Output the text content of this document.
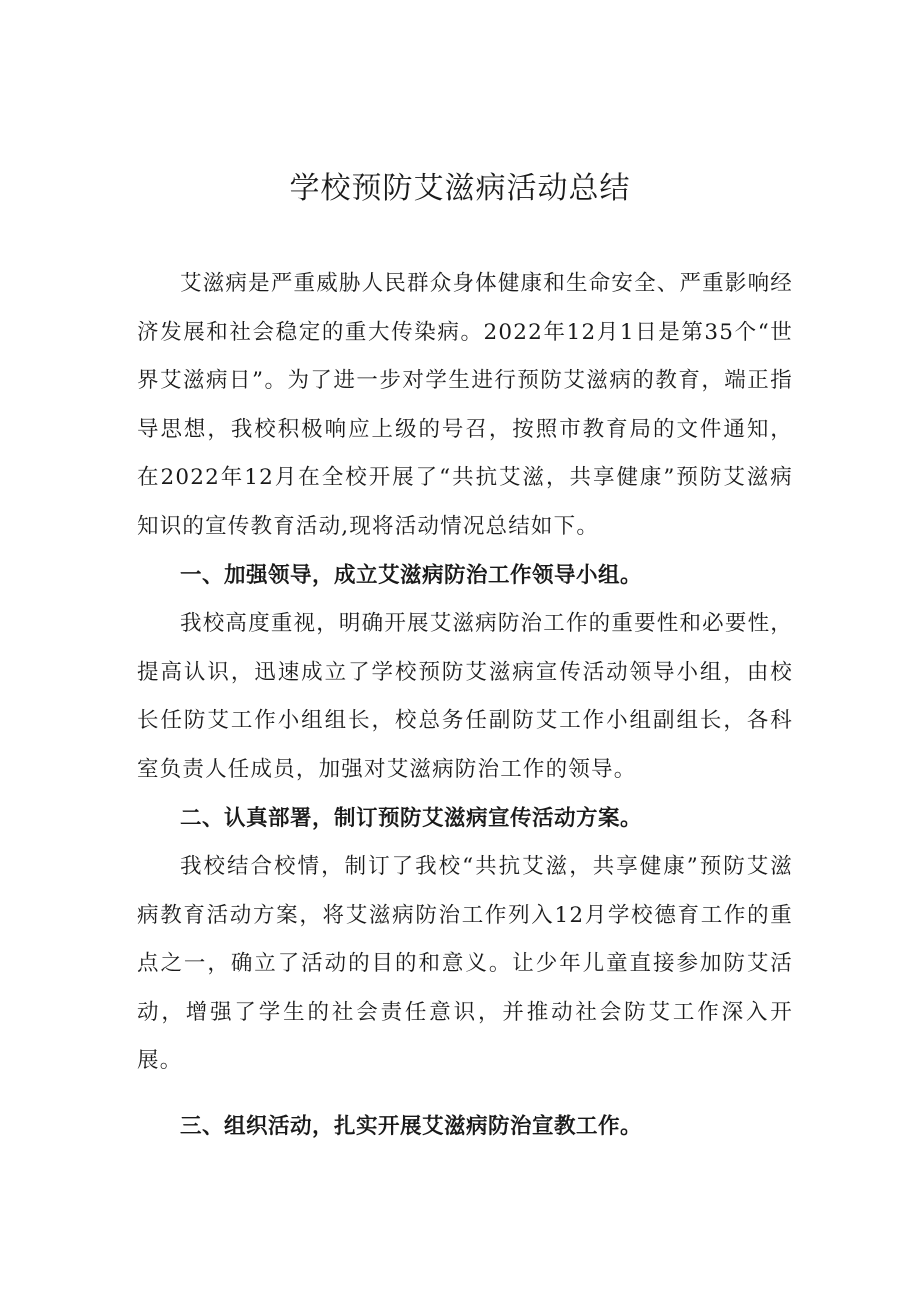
学校预防艾滋病活动总结

艾滋病是严重威胁人民群众身体健康和生命安全、严重影响经济发展和社会稳定的重大传染病。2022年12月1日是第35个“世界艾滋病日”。为了进一步对学生进行预防艾滋病的教育，端正指导思想，我校积极响应上级的号召，按照市教育局的文件通知，在2022年12月在全校开展了“共抗艾滋，共享健康”预防艾滋病知识的宣传教育活动,现将活动情况总结如下。

一、加强领导，成立艾滋病防治工作领导小组。

我校高度重视，明确开展艾滋病防治工作的重要性和必要性，提高认识，迅速成立了学校预防艾滋病宣传活动领导小组，由校长任防艾工作小组组长，校总务任副防艾工作小组副组长，各科室负责人任成员，加强对艾滋病防治工作的领导。

二、认真部署，制订预防艾滋病宣传活动方案。

我校结合校情，制订了我校“共抗艾滋，共享健康”预防艾滋病教育活动方案，将艾滋病防治工作列入12月学校德育工作的重点之一，确立了活动的目的和意义。让少年儿童直接参加防艾活动，增强了学生的社会责任意识，并推动社会防艾工作深入开展。

三、组织活动，扎实开展艾滋病防治宣教工作。
